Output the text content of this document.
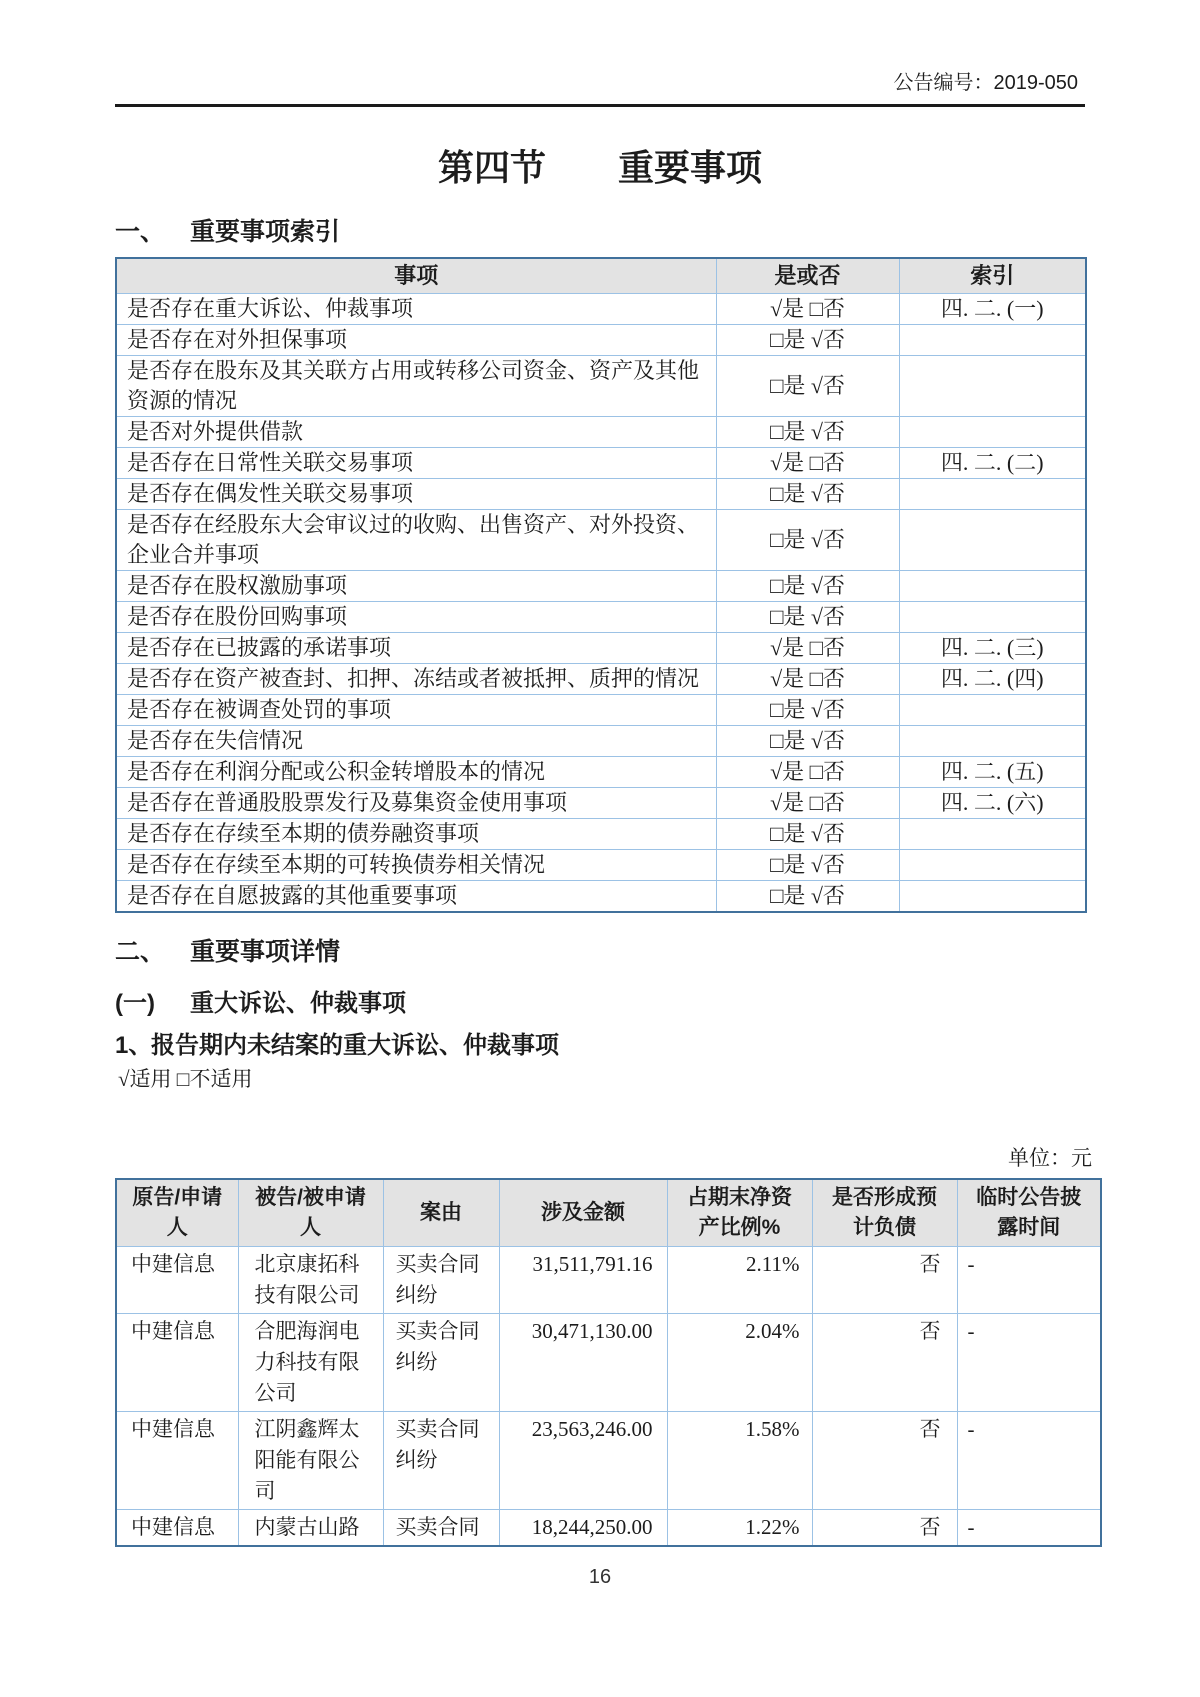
公告编号：2019-050
第四节　　重要事项
一、 重要事项索引
事项	是或否	索引
是否存在重大诉讼、仲裁事项	√是 □否	四. 二. (一)
是否存在对外担保事项	□是 √否	
是否存在股东及其关联方占用或转移公司资金、资产及其他资源的情况	□是 √否	
是否对外提供借款	□是 √否	
是否存在日常性关联交易事项	√是 □否	四. 二. (二)
是否存在偶发性关联交易事项	□是 √否	
是否存在经股东大会审议过的收购、出售资产、对外投资、企业合并事项	□是 √否	
是否存在股权激励事项	□是 √否	
是否存在股份回购事项	□是 √否	
是否存在已披露的承诺事项	√是 □否	四. 二. (三)
是否存在资产被查封、扣押、冻结或者被抵押、质押的情况	√是 □否	四. 二. (四)
是否存在被调查处罚的事项	□是 √否	
是否存在失信情况	□是 √否	
是否存在利润分配或公积金转增股本的情况	√是 □否	四. 二. (五)
是否存在普通股股票发行及募集资金使用事项	√是 □否	四. 二. (六)
是否存在存续至本期的债券融资事项	□是 √否	
是否存在存续至本期的可转换债券相关情况	□是 √否	
是否存在自愿披露的其他重要事项	□是 √否	
二、 重要事项详情
(一)	重大诉讼、仲裁事项
1、
报告期内未结案的重大诉讼、仲裁事项
√适用 □不适用
单位：元
原告/申请人	被告/被申请人	案由	涉及金额	占期末净资产比例%	是否形成预计负债	临时公告披露时间
中建信息	北京康拓科技有限公司	买卖合同纠纷	31,511,791.16	2.11%	否	-
中建信息	合肥海润电力科技有限公司	买卖合同纠纷	30,471,130.00	2.04%	否	-
中建信息	江阴鑫辉太阳能有限公司	买卖合同纠纷	23,563,246.00	1.58%	否	-
中建信息	内蒙古山路	买卖合同	18,244,250.00	1.22%	否	-
16
